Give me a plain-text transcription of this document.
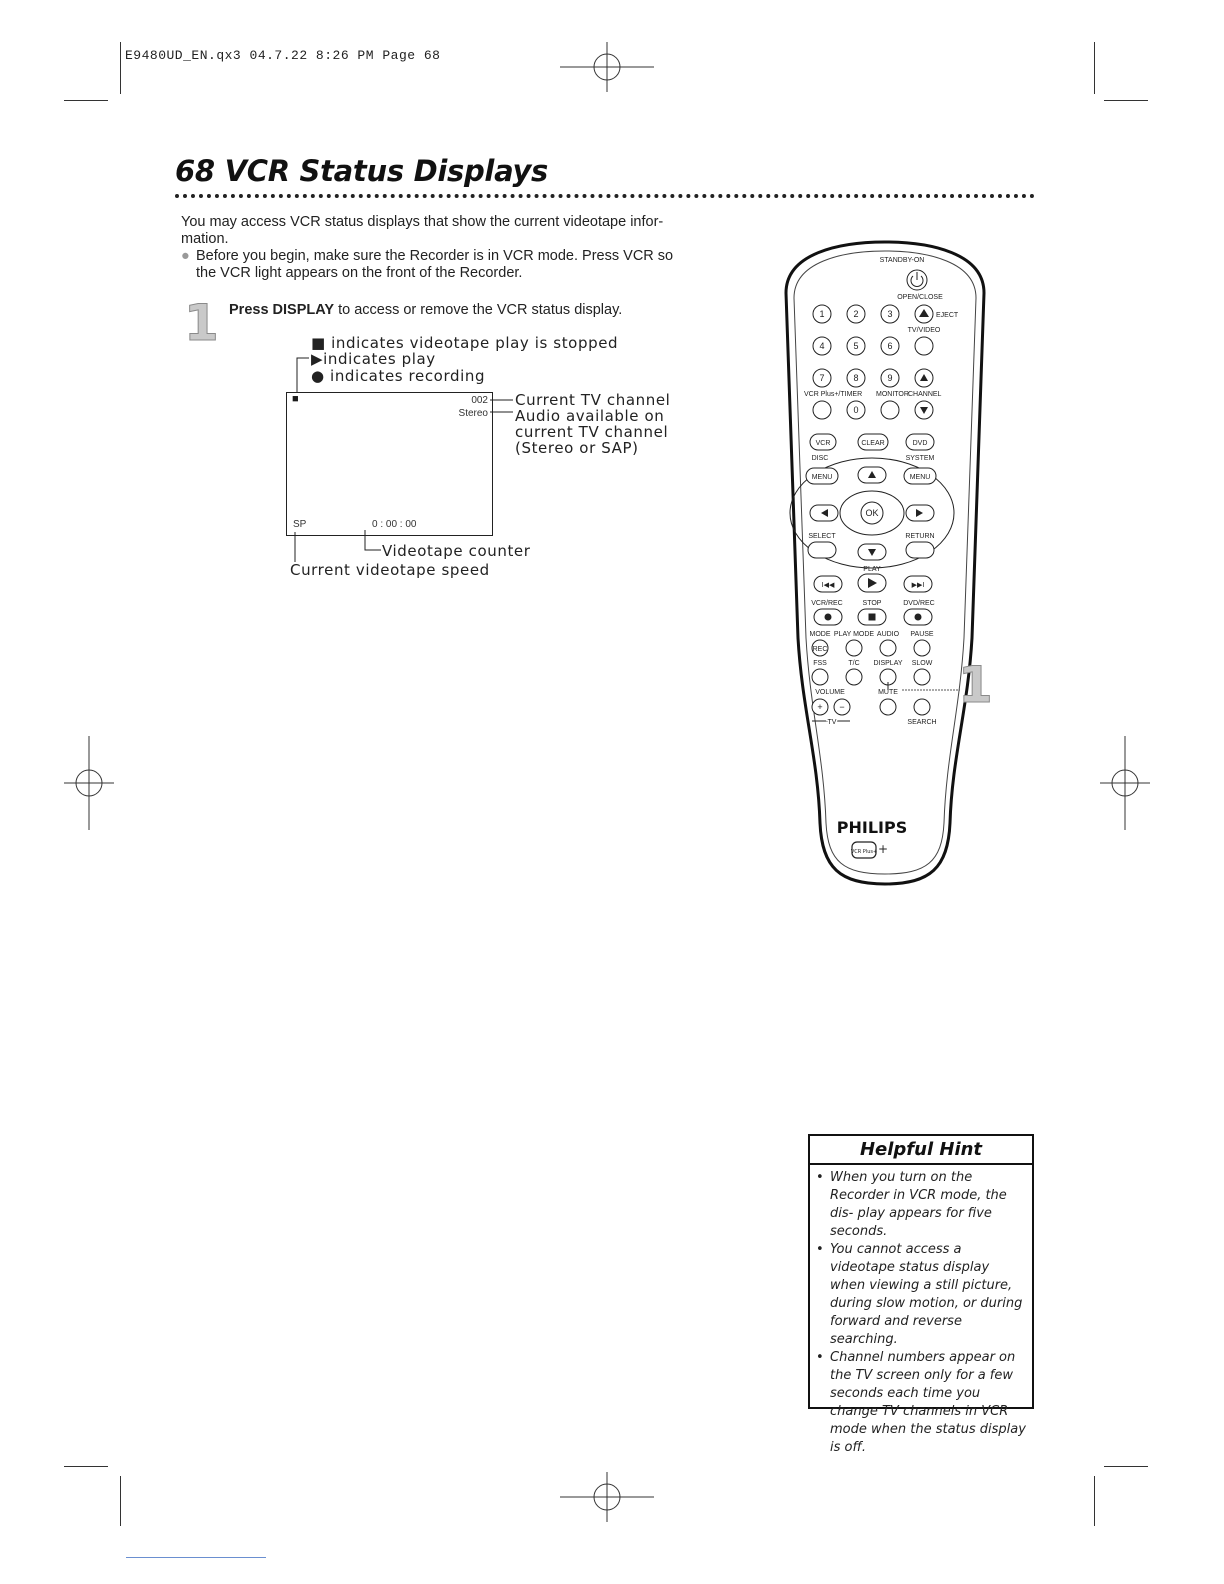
E9480UD_EN.qx3 04.7.22 8:26 PM Page 68
68 VCR Status Displays
You may access VCR status displays that show the current videotape infor-
mation.
● Before you begin, make sure the Recorder is in VCR mode. Press VCR so
the VCR light appears on the front of the Recorder.
1 Press DISPLAY to access or remove the VCR status display.
■ indicates videotape play is stopped
▶indicates play
● indicates recording
■	002
Stereo
SP	0 : 00 : 00
Current TV channel
Audio available on
current TV channel
(Stereo or SAP)
Videotape counter
Current videotape speed
STANDBY-ON
OPEN/CLOSE
1	2	3	EJECT
TV/VIDEO
4	5	6
7	8	9
VCR Plus+/TIMER MONITOR CHANNEL
0
VCR	CLEAR	DVD
DISC	SYSTEM
MENU	MENU
OK
SELECT	RETURN
PLAY
I◀◀	▶▶I
VCR/REC	STOP	DVD/REC
MODE PLAY MODE AUDIO PAUSE
REC
FSS	T/C DISPLAY SLOW
VOLUME	MUTE
+ −
TV	SEARCH
PHILIPS
VCR Plus+ +
1
Helpful Hint
• When you turn on the Recorder in VCR mode, the dis- play appears for five seconds.
• You cannot access a videotape status display when viewing a still picture, during slow motion, or during forward and reverse searching.
• Channel numbers appear on the TV screen only for a few seconds each time you change TV channels in VCR mode when the status display is off.
